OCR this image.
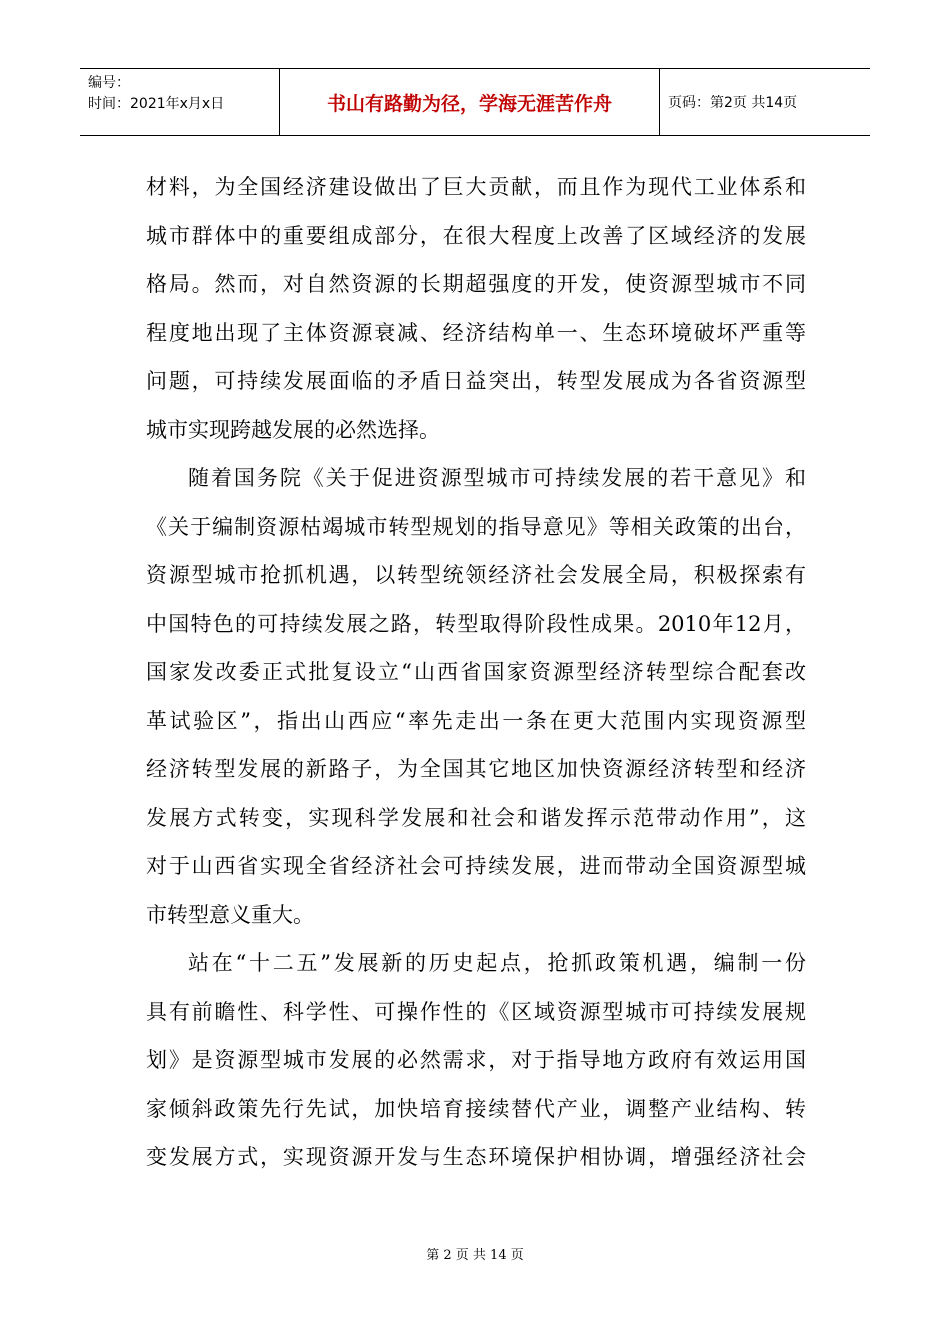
编号：
时间：2021年x月x日	书山有路勤为径，学海无涯苦作舟	页码：第2页 共14页
材料，为全国经济建设做出了巨大贡献，而且作为现代工业体系和
城市群体中的重要组成部分，在很大程度上改善了区域经济的发展
格局。然而，对自然资源的长期超强度的开发，使资源型城市不同
程度地出现了主体资源衰减、经济结构单一、生态环境破坏严重等
问题，可持续发展面临的矛盾日益突出，转型发展成为各省资源型
城市实现跨越发展的必然选择。
随着国务院《关于促进资源型城市可持续发展的若干意见》和
《关于编制资源枯竭城市转型规划的指导意见》等相关政策的出台，
资源型城市抢抓机遇，以转型统领经济社会发展全局，积极探索有
中国特色的可持续发展之路，转型取得阶段性成果。2010年12月，
国家发改委正式批复设立“山西省国家资源型经济转型综合配套改
革试验区”，指出山西应“率先走出一条在更大范围内实现资源型
经济转型发展的新路子，为全国其它地区加快资源经济转型和经济
发展方式转变，实现科学发展和社会和谐发挥示范带动作用”，这
对于山西省实现全省经济社会可持续发展，进而带动全国资源型城
市转型意义重大。
站在“十二五”发展新的历史起点，抢抓政策机遇，编制一份
具有前瞻性、科学性、可操作性的《区域资源型城市可持续发展规
划》是资源型城市发展的必然需求，对于指导地方政府有效运用国
家倾斜政策先行先试，加快培育接续替代产业，调整产业结构、转
变发展方式，实现资源开发与生态环境保护相协调，增强经济社会
第 2 页 共 14 页
